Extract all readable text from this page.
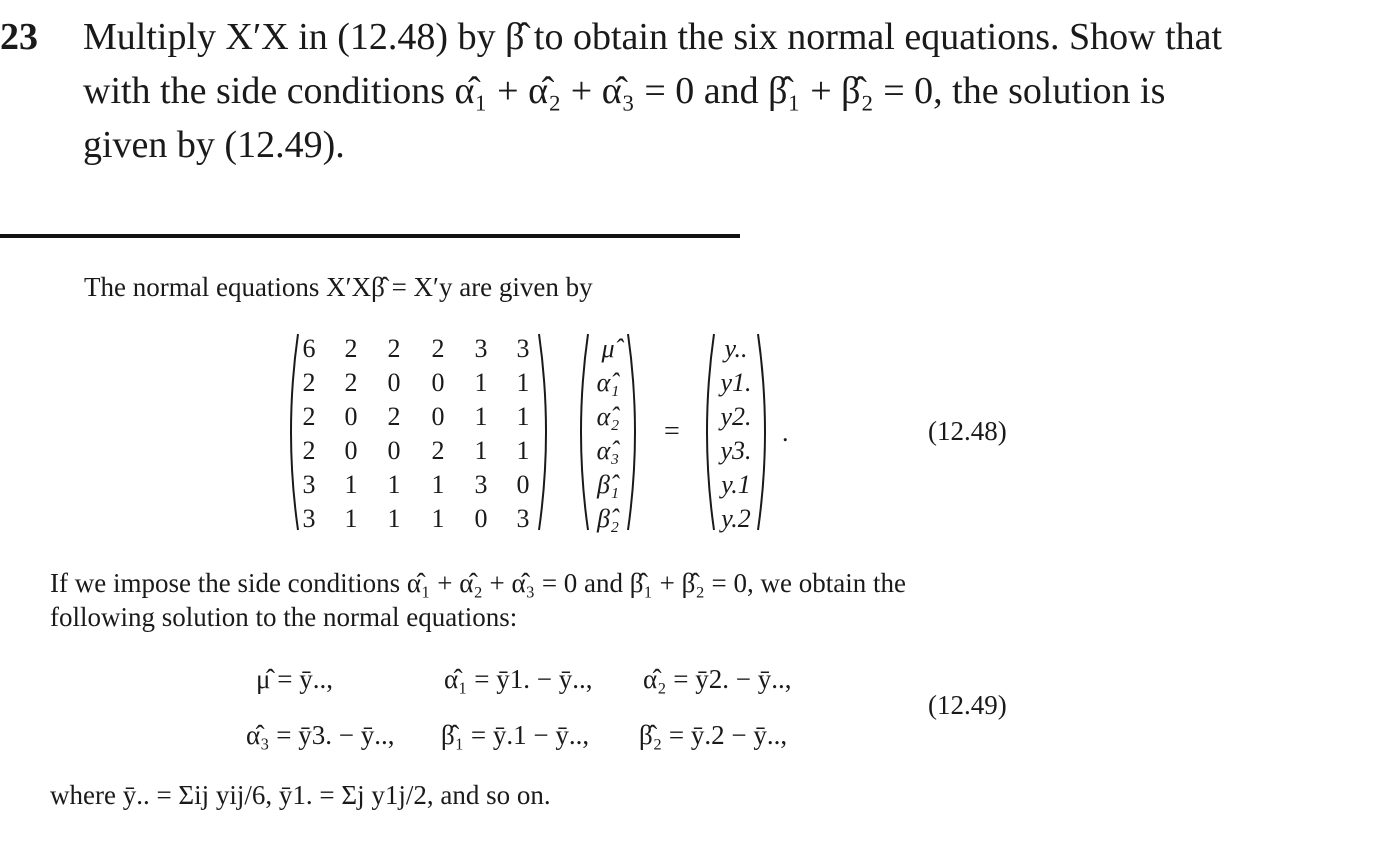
23 Multiply X′X in (12.48) by β̂ to obtain the six normal equations. Show that
with the side conditions α̂₁ + α̂₂ + α̂₃ = 0 and β̂₁ + β̂₂ = 0, the solution is
given by (12.49).
The normal equations X′Xβ̂ = X′y are given by
6	2	2	2	3	3
2	2	0	0	1	1
2	0	2	0	1	1
2	0	0	2	1	1
3	1	1	1	3	0
3	1	1	1	0	3
μ̂
α̂₁
α̂₂
α̂₃
β̂₁
β̂₂
=
y..
y1.
y2.
y3.
y.1
y.2
.	(12.48)
If we impose the side conditions α̂₁ + α̂₂ + α̂₃ = 0 and β̂₁ + β̂₂ = 0, we obtain the
following solution to the normal equations:
μ̂ = ȳ..,	α̂₁ = ȳ1. − ȳ.., α̂₂ = ȳ2. − ȳ..,
α̂₃ = ȳ3. − ȳ.., β̂₁ = ȳ.1 − ȳ.., β̂₂ = ȳ.2 − ȳ..,
(12.49)
where ȳ.. = Σij yij/6, ȳ1. = Σj y1j/2, and so on.
